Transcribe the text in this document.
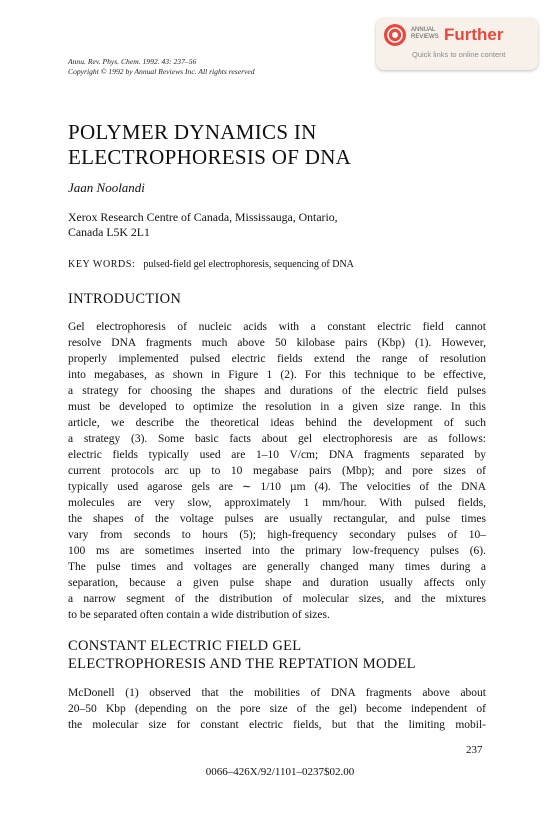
Annu. Rev. Phys. Chem. 1992. 43: 237–56
Copyright © 1992 by Annual Reviews Inc. All rights reserved
ANNUAL
REVIEWS Further
Quick links to online content
POLYMER DYNAMICS IN
ELECTROPHORESIS OF DNA
Jaan Noolandi
Xerox Research Centre of Canada, Mississauga, Ontario,
Canada L5K 2L1
KEY WORDS: pulsed-field gel electrophoresis, sequencing of DNA
INTRODUCTION
Gel electrophoresis of nucleic acids with a constant electric field cannot
resolve DNA fragments much above 50 kilobase pairs (Kbp) (1). However,
properly implemented pulsed electric fields extend the range of resolution
into megabases, as shown in Figure 1 (2). For this technique to be effective,
a strategy for choosing the shapes and durations of the electric field pulses
must be developed to optimize the resolution in a given size range. In this
article, we describe the theoretical ideas behind the development of such
a strategy (3). Some basic facts about gel electrophoresis are as follows:
electric fields typically used are 1–10 V/cm; DNA fragments separated by
current protocols arc up to 10 megabase pairs (Mbp); and pore sizes of
typically used agarose gels are ∼ 1/10 µm (4). The velocities of the DNA
molecules are very slow, approximately 1 mm/hour. With pulsed fields,
the shapes of the voltage pulses are usually rectangular, and pulse times
vary from seconds to hours (5); high-frequency secondary pulses of 10–
100 ms are sometimes inserted into the primary low-frequency pulses (6).
The pulse times and voltages are generally changed many times during a
separation, because a given pulse shape and duration usually affects only
a narrow segment of the distribution of molecular sizes, and the mixtures
to be separated often contain a wide distribution of sizes.
CONSTANT ELECTRIC FIELD GEL
ELECTROPHORESIS AND THE REPTATION MODEL
McDonell (1) observed that the mobilities of DNA fragments above about
20–50 Kbp (depending on the pore size of the gel) become independent of
the molecular size for constant electric fields, but that the limiting mobil-
237
0066–426X/92/1101–0237$02.00
